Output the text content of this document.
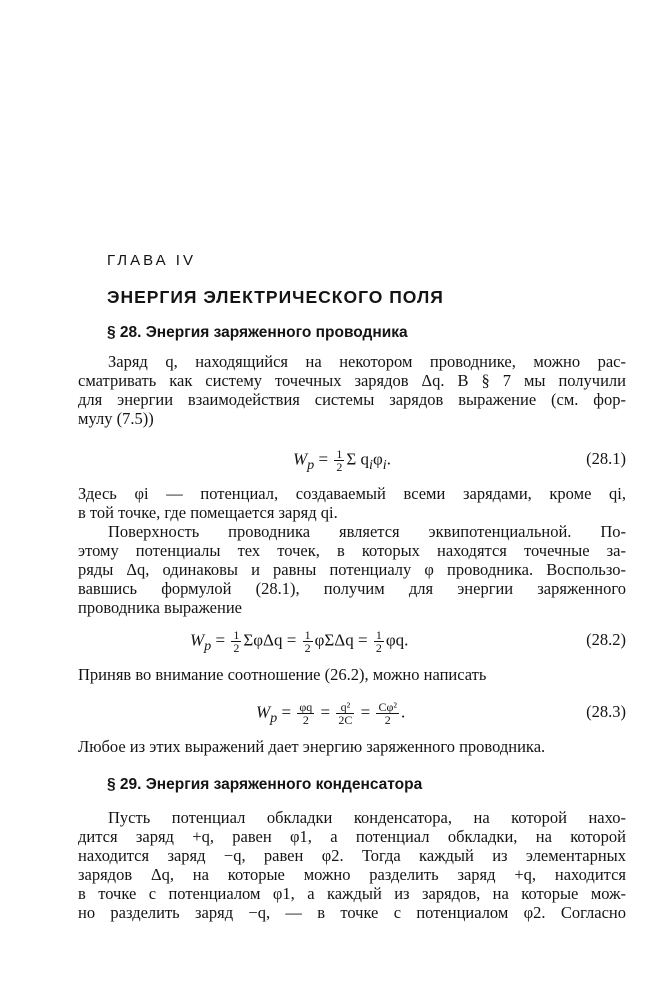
ГЛАВА IV
ЭНЕРГИЯ ЭЛЕКТРИЧЕСКОГО ПОЛЯ
§ 28. Энергия заряженного проводника
Заряд q, находящийся на некотором проводнике, можно рас-
сматривать как систему точечных зарядов Δq. В § 7 мы получили
для энергии взаимодействия системы зарядов выражение (см. фор-
мулу (7.5))
$W_p = \frac{1}{2}$ Σ $q_i\varphi_i$.	(28.1)
Здесь φi — потенциал, создаваемый всеми зарядами, кроме qi,
в той точке, где помещается заряд qi.
Поверхность проводника является эквипотенциальной. По-
этому потенциалы тех точек, в которых находятся точечные за-
ряды Δq, одинаковы и равны потенциалу φ проводника. Воспользо-
вавшись формулой (28.1), получим для энергии заряженного
проводника выражение
$W_p = \frac{1}{2}$ $\Sigma\varphi\Delta q = \frac{1}{2}$ $\varphi\Sigma\Delta q = \frac{1}{2} \varphi q$.	(28.2)
Приняв во внимание соотношение (26.2), можно написать
$W_p = \frac{\varphi q}{2} = \frac{\text{q²}}{2C} = \frac{\text{Cφ²}}{2}$ .	(28.3)
Любое из этих выражений дает энергию заряженного проводника.
§ 29. Энергия заряженного конденсатора
Пусть потенциал обкладки конденсатора, на которой нахо-
дится заряд +q, равен φ1, а потенциал обкладки, на которой
находится заряд −q, равен φ2. Тогда каждый из элементарных
зарядов Δq, на которые можно разделить заряд +q, находится
в точке с потенциалом φ1, а каждый из зарядов, на которые мож-
но разделить заряд −q, — в точке с потенциалом φ2. Согласно
